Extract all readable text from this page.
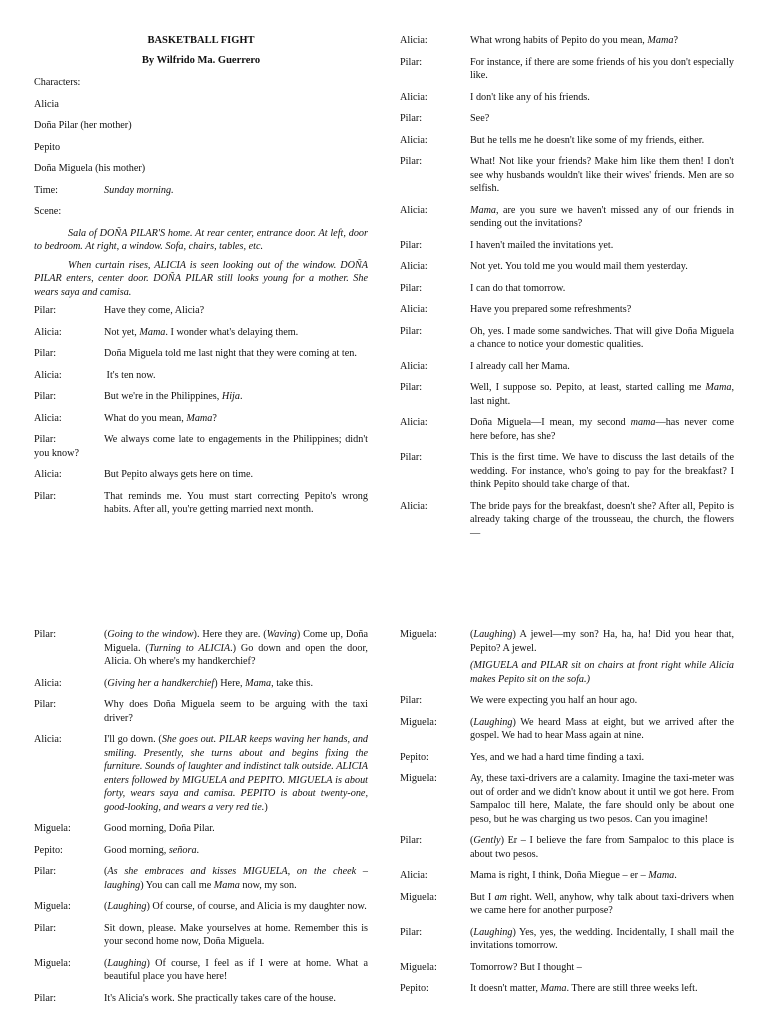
BASKETBALL FIGHT
By Wilfrido Ma. Guerrero
Characters:
Alicia
Doña Pilar (her mother)
Pepito
Doña Miguela (his mother)
Time:	Sunday morning.
Scene:
Sala of DOÑA PILAR'S home. At rear center, entrance door. At left, door to bedroom. At right, a window. Sofa, chairs, tables, etc.
When curtain rises, ALICIA is seen looking out of the window. DOÑA PILAR enters, center door. DOÑA PILAR still looks young for a mother. She wears saya and camisa.
Pilar:	Have they come, Alicia?
Alicia:	Not yet, Mama. I wonder what's delaying them.
Pilar:	Doña Miguela told me last night that they were coming at ten.
Alicia:	It's ten now.
Pilar:	But we're in the Philippines, Hija.
Alicia:	What do you mean, Mama?
Pilar:	We always come late to engagements in the Philippines; didn't you know?
Alicia:	But Pepito always gets here on time.
Pilar:	That reminds me. You must start correcting Pepito's wrong habits. After all, you're getting married next month.
Alicia:	What wrong habits of Pepito do you mean, Mama?
Pilar:	For instance, if there are some friends of his you don't especially like.
Alicia:	I don't like any of his friends.
Pilar:	See?
Alicia:	But he tells me he doesn't like some of my friends, either.
Pilar:	What! Not like your friends? Make him like them then! I don't see why husbands wouldn't like their wives' friends. Men are so selfish.
Alicia:	Mama, are you sure we haven't missed any of our friends in sending out the invitations?
Pilar:	I haven't mailed the invitations yet.
Alicia:	Not yet. You told me you would mail them yesterday.
Pilar:	I can do that tomorrow.
Alicia:	Have you prepared some refreshments?
Pilar:	Oh, yes. I made some sandwiches. That will give Doña Miguela a chance to notice your domestic qualities.
Alicia:	I already call her Mama.
Pilar:	Well, I suppose so. Pepito, at least, started calling me Mama, last night.
Alicia:	Doña Miguela—I mean, my second mama—has never come here before, has she?
Pilar:	This is the first time. We have to discuss the last details of the wedding. For instance, who's going to pay for the breakfast? I think Pepito should take charge of that.
Alicia:	The bride pays for the breakfast, doesn't she? After all, Pepito is already taking charge of the trousseau, the church, the flowers —
Pilar:	(Going to the window). Here they are. (Waving) Come up, Doña Miguela. (Turning to ALICIA.) Go down and open the door, Alicia. Oh where's my handkerchief?
Alicia:	(Giving her a handkerchief) Here, Mama, take this.
Pilar:	Why does Doña Miguela seem to be arguing with the taxi driver?
Alicia:	I'll go down. (She goes out. PILAR keeps waving her hands, and smiling. Presently, she turns about and begins fixing the furniture. Sounds of laughter and indistinct talk outside. ALICIA enters followed by MIGUELA and PEPITO. MIGUELA is about forty, wears saya and camisa. PEPITO is about twenty-one, good-looking, and wears a very red tie.)
Miguela:	Good morning, Doña Pilar.
Pepito:	Good morning, señora.
Pilar:	(As she embraces and kisses MIGUELA, on the cheek – laughing) You can call me Mama now, my son.
Miguela:	(Laughing) Of course, of course, and Alicia is my daughter now.
Pilar:	Sit down, please. Make yourselves at home. Remember this is your second home now, Doña Miguela.
Miguela:	(Laughing) Of course, I feel as if I were at home. What a beautiful place you have here!
Pilar:	It's Alicia's work. She practically takes care of the house.
Miguela:	(Laughing) A jewel—my son? Ha, ha, ha! Did you hear that, Pepito? A jewel.
(MIGUELA and PILAR sit on chairs at front right while Alicia makes Pepito sit on the sofa.)
Pilar:	We were expecting you half an hour ago.
Miguela:	(Laughing) We heard Mass at eight, but we arrived after the gospel. We had to hear Mass again at nine.
Pepito:	Yes, and we had a hard time finding a taxi.
Miguela:	Ay, these taxi-drivers are a calamity. Imagine the taxi-meter was out of order and we didn't know about it until we got here. From Sampaloc till here, Malate, the fare should only be about one peso, but he was charging us two pesos. Can you imagine!
Pilar:	(Gently) Er – I believe the fare from Sampaloc to this place is about two pesos.
Alicia:	Mama is right, I think, Doña Miegue – er – Mama.
Miguela:	But I am right. Well, anyhow, why talk about taxi-drivers when we came here for another purpose?
Pilar:	(Laughing) Yes, yes, the wedding. Incidentally, I shall mail the invitations tomorrow.
Miguela:	Tomorrow? But I thought –
Pepito:	It doesn't matter, Mama. There are still three weeks left.
